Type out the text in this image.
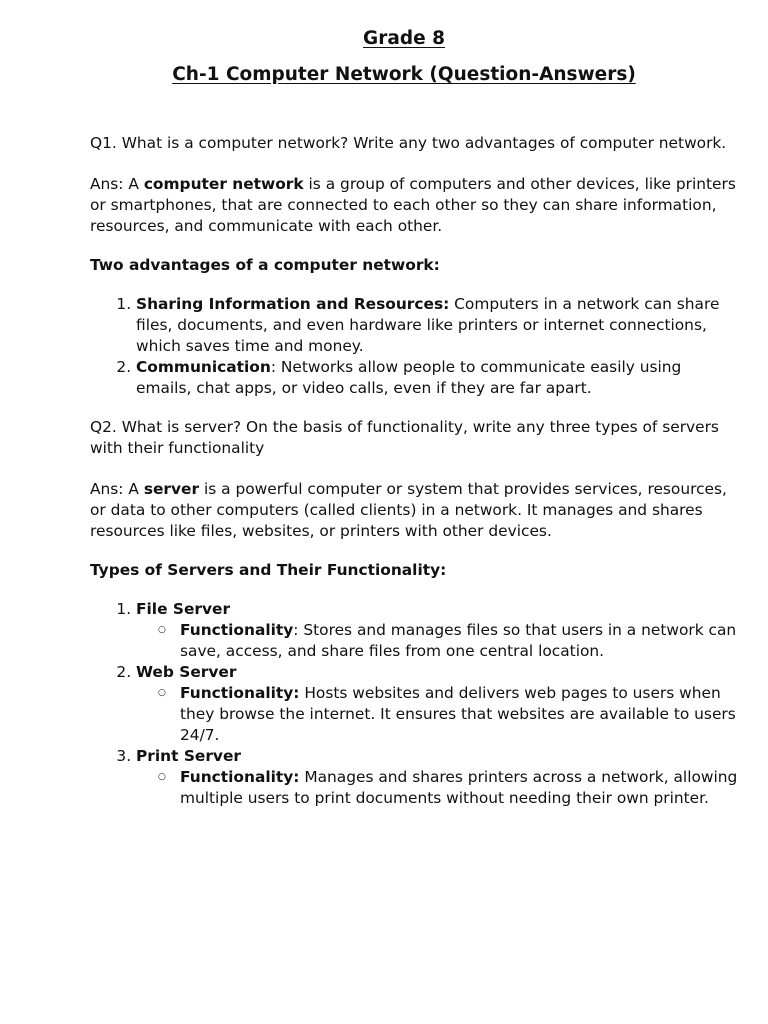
Grade 8
Ch-1 Computer Network (Question-Answers)

Q1. What is a computer network? Write any two advantages of computer network.

Ans: A computer network is a group of computers and other devices, like printers or smartphones, that are connected to each other so they can share information, resources, and communicate with each other.

Two advantages of a computer network:

1. Sharing Information and Resources: Computers in a network can share files, documents, and even hardware like printers or internet connections, which saves time and money.
2. Communication: Networks allow people to communicate easily using emails, chat apps, or video calls, even if they are far apart.

Q2. What is server? On the basis of functionality, write any three types of servers with their functionality

Ans: A server is a powerful computer or system that provides services, resources, or data to other computers (called clients) in a network. It manages and shares resources like files, websites, or printers with other devices.

Types of Servers and Their Functionality:

1. File Server
○ Functionality: Stores and manages files so that users in a network can save, access, and share files from one central location.
2. Web Server
○ Functionality: Hosts websites and delivers web pages to users when they browse the internet. It ensures that websites are available to users 24/7.
3. Print Server
○ Functionality: Manages and shares printers across a network, allowing multiple users to print documents without needing their own printer.
